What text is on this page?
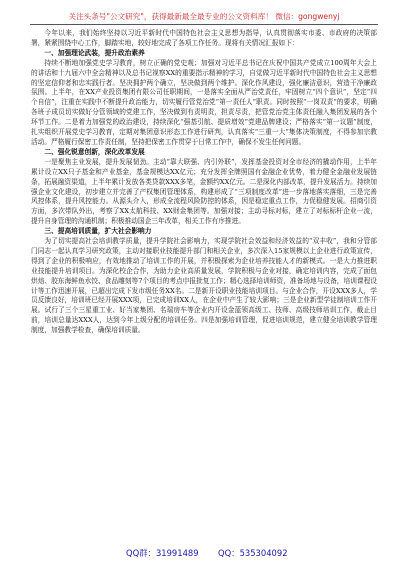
关注头条号"公文研究"，获得最新最全最专业的公文资料库！ 微信：gongwenyj

今年以来，我们始终坚持以习近平新时代中国特色社会主义思想为指导，认真贯彻落实市委、市政府的决策部署，紧紧围绕中心工作，脚踏实地，较好地完成了各项工作任务。现将有关情况汇报如下：

一、加强理论武装，提升政治素养

持续不断地加强党史学习教育，树立正确的党史观；加强对习近平总书记在庆祝中国共产党成立100周年大会上的讲话和十九届六中全会精神以及总书记视察XX的重要指示精神的学习，自觉做习近平新时代中国特色社会主义思想的坚定信仰者和忠实践行者。坚决拥护两个确立，坚决做到两个维护。深化作风建设，强化廉洁意识，营造干净廉政氛围。上半年，在XX产业投资集团有限公司任职期间，一是落实全面从严治党责任，牢固树立“四个意识”，坚定“四个自信”，注重在实践中不断提升政治能力，切实履行管党治党“第一责任人”职责。同时按照“一岗双责”的要求，明确各班子成员切实做好分管领域的党建工作，坚决做到有责明责，担责尽责，把管党治党主体责任融入集团发展的各个环节工作。二是着力加强党的政治建设，持续深化“强基引航、提质增效”党建品牌建设；严格落实“第一议题”制度，扎实组织开展党史学习教育，定期对集团意识形态工作进行研判，认真落实“三重一大”集体决策制度，不得参加宗教活动。严格履行保密工作责任制，坚持把保密工作贯穿于日常工作中，确保不发生任何问题。

二、强化锐意创新，深化改革发展

一是聚焦主业发展，提升发展韧劲。主动“靠大联强、内引外联”，发挥基金投资对全市经济的撬动作用，上半年累计设立XX只子基金和产业基金，基金规模达XX亿元；充分发挥全牌照国有金融企业优势，着力健全金融业发展链条，拓展融资渠道，上半年累计发放各类贷款XXX多笔，金额约XX亿元。二是深化内部改革，提升发展活力。持续加强企业文化建设，初步建立并完善了产权集团管理体系，构建形成了“三项制度改革”进一步落地落实落细，三是完善风控体系，提升风控能力。从源头介入，形成全流程风险防控的体系，因是稳定重点工作，力促稳健发展。招商引资方面，多次带队外出，考察了XX太航科技、XX财金集团等。加强对接；主动寻标对标，建立了对标标杆企业一流，提升自身管理的沟通机制；积极推动国企三年改革，相关工作有序推进。

三、提高培训质量，扩大社会影响力

为了切实提高社会培训教学质量，提升学院社会影响力，实现学院社会效益和经济效益的“双丰收”，我和分管部门同志一起认真学习研究政策，主动对接职业技能提升部门和相关企业，多次深入15家规模以上企业进行政策宣传，得到了企业的积极响应，有效地推动了培训工作的开展，并积极探索为企业培养技能人才的新模式。一是大力推进职业技能提升培训项目。为深化校企合作，为助力企业高质量发展，学院积极与企业对接，确定培训内容，完成了面包烘焙、胶东海鲜鱼水饺、食品雕刻等7个项目的考点申报批复工作；精心选择培训师资，准备场地与设备，培训课程设计等工作迅速开展，已超出完成下发市级任务XX名。二是新开设职业技能培训项目。与企业合作，开设XXX多人，学员反馈良好，培训班已经开展XXX项，已完成培训XX人，在企业中产生了较大影响；三是企业新型学徒制培训工作开展。试行了三个三星重工业、好当家集团、名瑞房车等企业内开设金蓝领高级工、技师、高级技师培训工作，截止目前，培训总量达XXX人，达到今年上级分配的培训任务。四是加强培训管理，促进培训规范，建立健全培训教学管理制度，加强教学检查，确保培训质量。

QQ群：31991489 QQ：535304092
